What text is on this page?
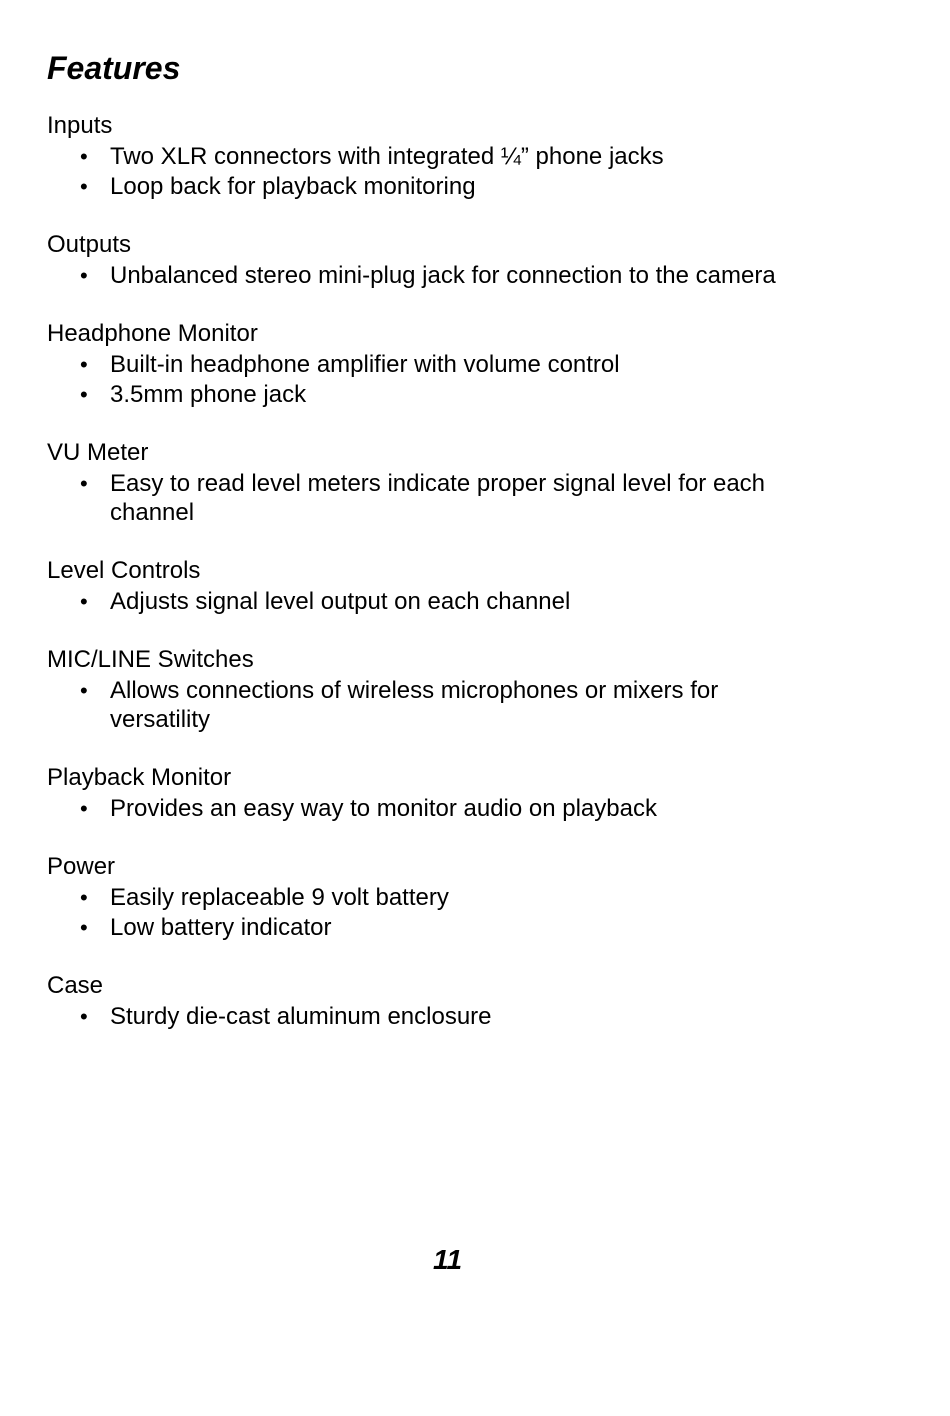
Features
Inputs
• Two XLR connectors with integrated ¼” phone jacks
• Loop back for playback monitoring
Outputs
• Unbalanced stereo mini-plug jack for connection to the camera
Headphone Monitor
• Built-in headphone amplifier with volume control
• 3.5mm phone jack
VU Meter
• Easy to read level meters indicate proper signal level for each channel
Level Controls
• Adjusts signal level output on each channel
MIC/LINE Switches
• Allows connections of wireless microphones or mixers for versatility
Playback Monitor
• Provides an easy way to monitor audio on playback
Power
• Easily replaceable 9 volt battery
• Low battery indicator
Case
• Sturdy die-cast aluminum enclosure
11
